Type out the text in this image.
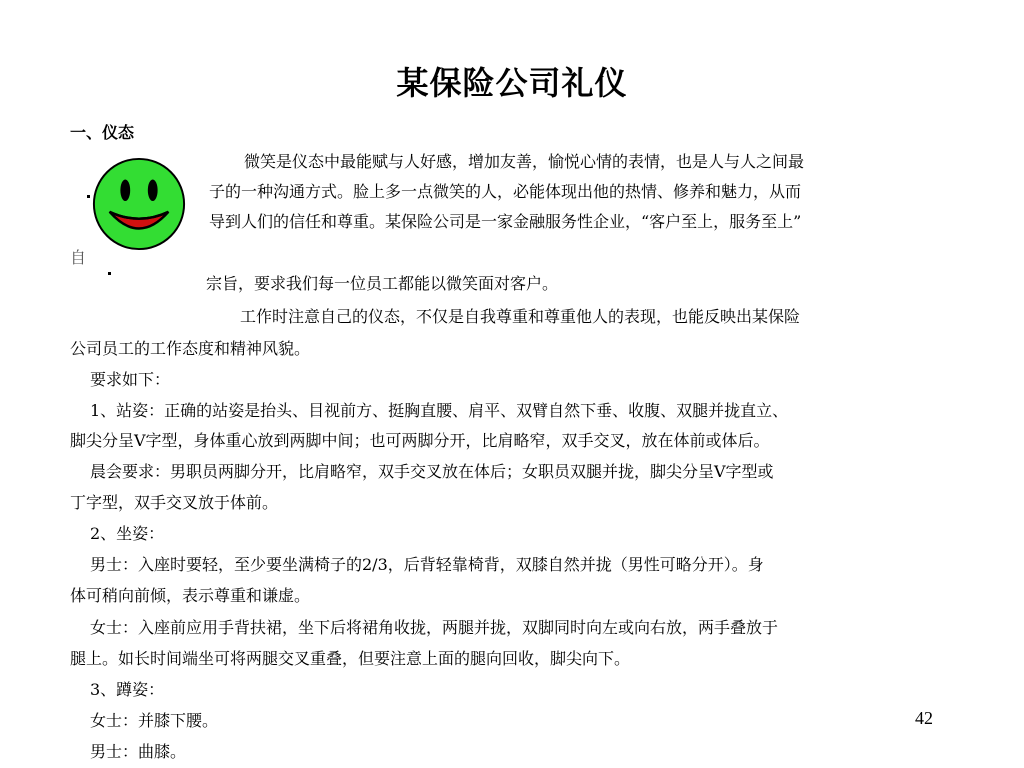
某保险公司礼仪
一、仪态
自
微笑是仪态中最能赋与人好感，增加友善，愉悦心情的表情，也是人与人之间最
子的一种沟通方式。脸上多一点微笑的人，必能体现出他的热情、修养和魅力，从而
导到人们的信任和尊重。某保险公司是一家金融服务性企业，“客户至上，服务至上”
宗旨，要求我们每一位员工都能以微笑面对客户。
工作时注意自己的仪态，不仅是自我尊重和尊重他人的表现，也能反映出某保险
公司员工的工作态度和精神风貌。
要求如下：
1、站姿：正确的站姿是抬头、目视前方、挺胸直腰、肩平、双臂自然下垂、收腹、双腿并拢直立、
脚尖分呈V字型，身体重心放到两脚中间；也可两脚分开，比肩略窄，双手交叉，放在体前或体后。
晨会要求：男职员两脚分开，比肩略窄，双手交叉放在体后；女职员双腿并拢，脚尖分呈V字型或
丁字型，双手交叉放于体前。
2、坐姿：
男士：入座时要轻，至少要坐满椅子的2/3，后背轻靠椅背，双膝自然并拢（男性可略分开）。身
体可稍向前倾，表示尊重和谦虚。
女士：入座前应用手背扶裙，坐下后将裙角收拢，两腿并拢，双脚同时向左或向右放，两手叠放于
腿上。如长时间端坐可将两腿交叉重叠，但要注意上面的腿向回收，脚尖向下。
3、蹲姿：
女士：并膝下腰。
男士：曲膝。
42
